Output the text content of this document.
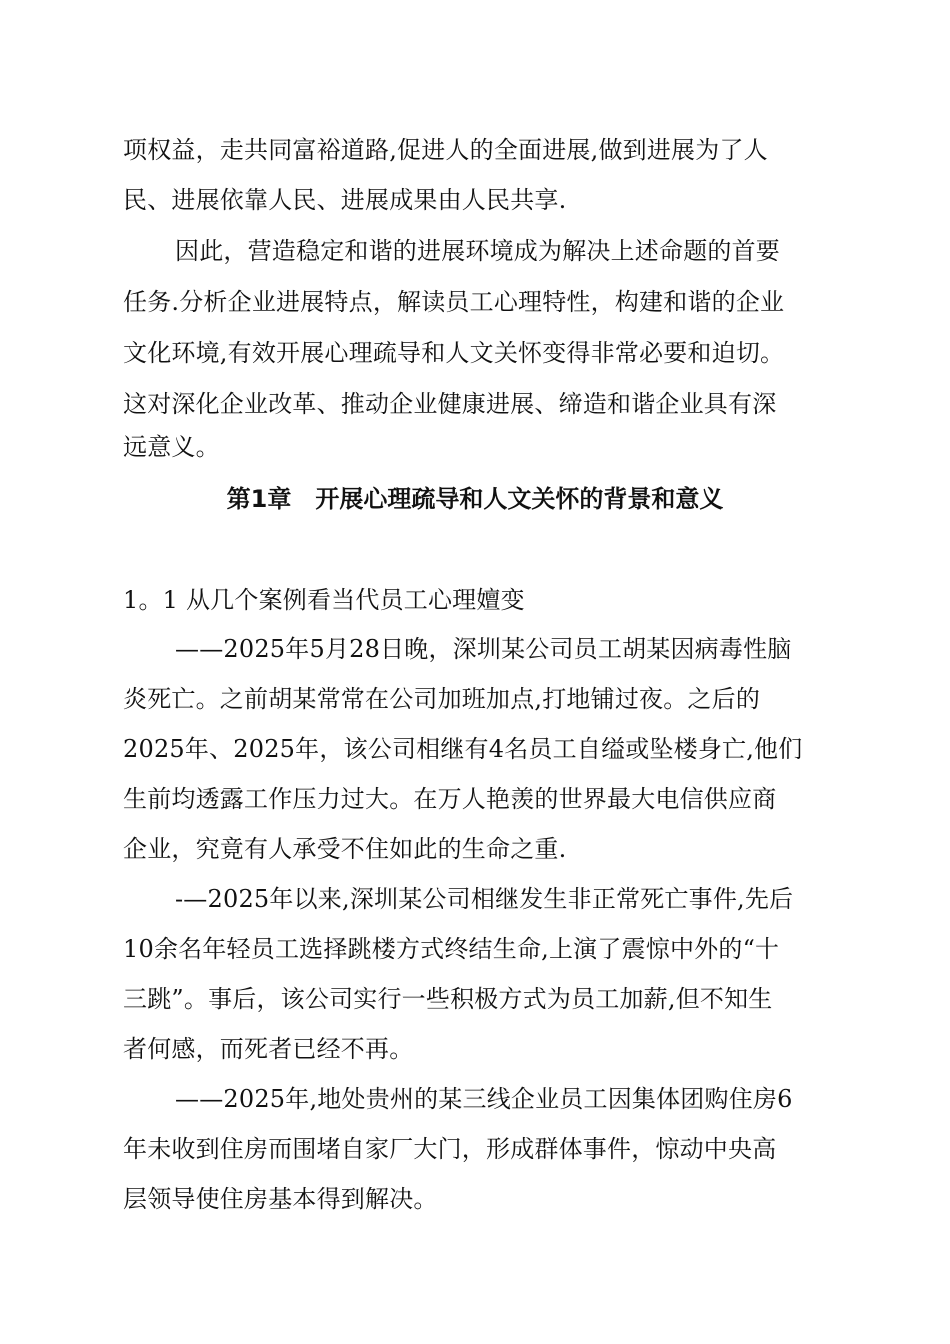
项权益，走共同富裕道路,促进人的全面进展,做到进展为了人
民、进展依靠人民、进展成果由人民共享.
因此，营造稳定和谐的进展环境成为解决上述命题的首要
任务.分析企业进展特点，解读员工心理特性，构建和谐的企业
文化环境,有效开展心理疏导和人文关怀变得非常必要和迫切。
这对深化企业改革、推动企业健康进展、缔造和谐企业具有深
远意义。
第1章　开展心理疏导和人文关怀的背景和意义
1。1 从几个案例看当代员工心理嬗变
——2025年5月28日晚，深圳某公司员工胡某因病毒性脑
炎死亡。之前胡某常常在公司加班加点,打地铺过夜。之后的
2025年、2025年，该公司相继有4名员工自缢或坠楼身亡,他们
生前均透露工作压力过大。在万人艳羡的世界最大电信供应商
企业，究竟有人承受不住如此的生命之重.
-—2025年以来,深圳某公司相继发生非正常死亡事件,先后
10余名年轻员工选择跳楼方式终结生命,上演了震惊中外的“十
三跳”。事后，该公司实行一些积极方式为员工加薪,但不知生
者何感，而死者已经不再。
——2025年,地处贵州的某三线企业员工因集体团购住房6
年未收到住房而围堵自家厂大门，形成群体事件，惊动中央高
层领导使住房基本得到解决。
